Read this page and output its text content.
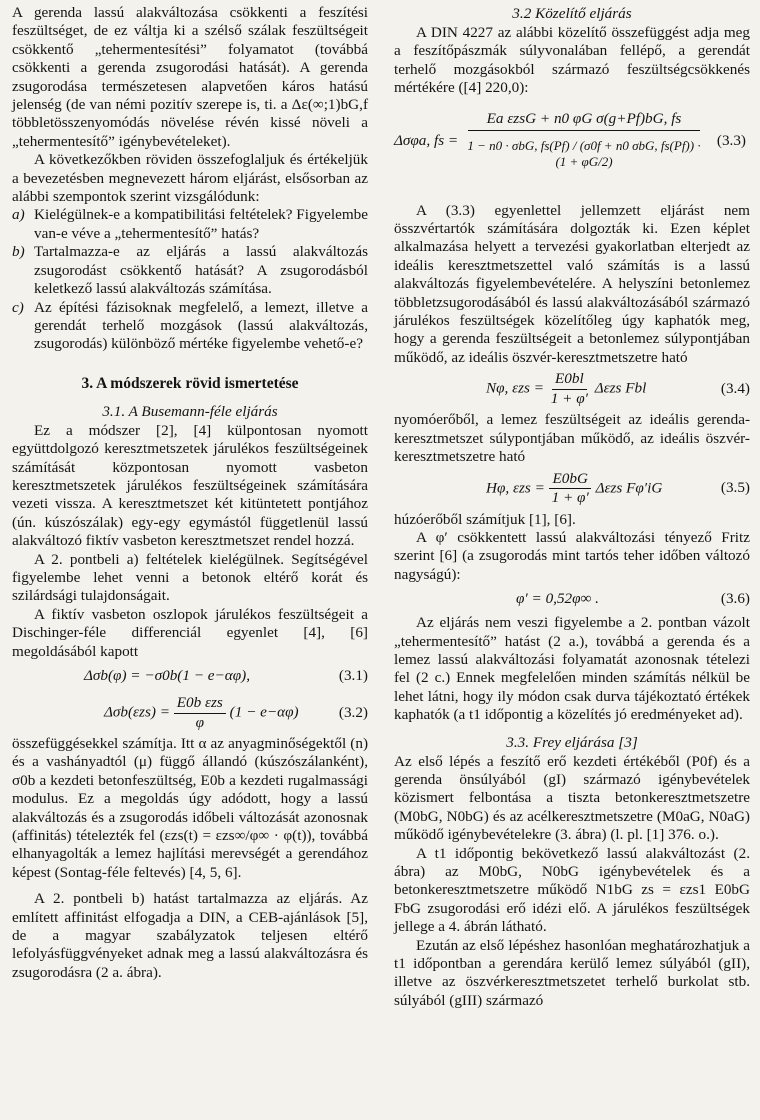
A gerenda lassú alakváltozása csökkenti a feszítési feszültséget, de ez váltja ki a szélső szálak feszültségeit csökkentő „tehermentesítési” folyamatot (továbbá csökkenti a gerenda zsugorodási hatását). A gerenda zsugorodása természetesen alapvetően káros hatású jelenség (de van némi pozitív szerepe is, ti. a Δε(∞;1)bG,f többletösszenyomódás növelése révén kissé növeli a „tehermentesítő” igénybevételeket).

A következőkben röviden összefoglaljuk és értékeljük a bevezetésben megnevezett három eljárást, elsősorban az alábbi szempontok szerint vizsgálódunk:

a) Kielégülnek-e a kompatibilitási feltételek? Figyelembe van-e véve a „tehermentesítő” hatás?
b) Tartalmazza-e az eljárás a lassú alakváltozás zsugorodást csökkentő hatását? A zsugorodásból keletkező lassú alakváltozás számítása.
c) Az építési fázisoknak megfelelő, a lemezt, illetve a gerendát terhelő mozgások (lassú alakváltozás, zsugorodás) különböző mértéke figyelembe vehető-e?
3. A módszerek rövid ismertetése
3.1. A Busemann-féle eljárás

Ez a módszer [2], [4] külpontosan nyomott együttdolgozó keresztmetszetek járulékos feszültségeinek számítását központosan nyomott vasbeton keresztmetszetek járulékos feszültségeinek számítására vezeti vissza. A keresztmetszet két kitüntetett pontjához (ún. kúszószálak) egy-egy egymástól függetlenül lassú alakváltozó fiktív vasbeton keresztmetszet rendel hozzá.

A 2. pontbeli a) feltételek kielégülnek. Segítségével figyelembe lehet venni a betonok eltérő korát és szilárdsági tulajdonságait.

A fiktív vasbeton oszlopok járulékos feszültségeit a Dischinger-féle differenciál egyenlet [4], [6] megoldásából kapott

Δσb(φ) = −σ0b(1 − e−αφ),	(3.1)
$\Delta\sigma b(\varepsilon zs) = \frac{\text{E0b εzs}}{\varphi} (1 - e-\alpha\varphi)$	(3.2)

összefüggésekkel számítja. Itt α az anyagminőségektől (n) és a vashányadtól (μ) függő állandó (kúszószálanként), σ0b a kezdeti betonfeszültség, E0b a kezdeti rugalmassági modulus. Ez a megoldás úgy adódott, hogy a lassú alakváltozás és a zsugorodás időbeli változását azonosnak (affinitás) tételezték fel (εzs(t) = εzs∞/φ∞ · φ(t)), továbbá elhanyagolták a lemez hajlítási merevségét a gerendához képest (Sontag-féle feltevés) [4, 5, 6].

A 2. pontbeli b) hatást tartalmazza az eljárás. Az említett affinitást elfogadja a DIN, a CEB-ajánlások [5], de a magyar szabályzatok teljesen eltérő lefolyásfüggvényeket adnak meg a lassú alakváltozásra és zsugorodásra (2 a. ábra).

3.2 Közelítő eljárás

A DIN 4227 az alábbi közelítő összefüggést adja meg a feszítőpászmák súlyvonalában fellépő, a gerendát terhelő mozgásokból származó feszültségcsökkenés mértékére ([4] 220,0):

Δσφa, fs =
Ea εzsG + n0 φG σ(g+Pf)bG, fs
1 − n0 · σbG, fs(Pf) / (σ0f + n0 σbG, fs(Pf)) · (1 + φG/2)
(3.3)

A (3.3) egyenlettel jellemzett eljárást nem összvértartók számítására dolgozták ki. Ezen képlet alkalmazása helyett a tervezési gyakorlatban elterjedt az ideális keresztmetszettel való számítás is a lassú alakváltozás figyelembevételére. A helyszíni betonlemez többletzsugorodásából és lassú alakváltozásából származó járulékos feszültségek közelítőleg úgy kaphatók meg, hogy a gerenda feszültségeit a betonlemez súlypontjában működő, az ideális öszvér-keresztmetszetre ható

Nφ, $\varepsilon zs = \frac{E0bl}{1 + \varphi'}$ Δεzs Fbl	(3.4)

nyomóerőből, a lemez feszültségeit az ideális gerenda-keresztmetszet súlypontjában működő, az ideális öszvér-keresztmetszetre ható

Hφ, $\varepsilon zs = \frac{E0bG}{1 + \varphi'}$ Δεzs Fφ′iG	(3.5)

húzóerőből számítjuk [1], [6].

A φ′ csökkentett lassú alakváltozási tényező Fritz szerint [6] (a zsugorodás mint tartós teher időben változó nagyságú):

φ′ = 0,52φ∞ .	(3.6)

Az eljárás nem veszi figyelembe a 2. pontban vázolt „tehermentesítő” hatást (2 a.), továbbá a gerenda és a lemez lassú alakváltozási folyamatát azonosnak tételezi fel (2 c.) Ennek megfelelően minden számítás nélkül be lehet látni, hogy ily módon csak durva tájékoztató értékek kaphatók (a t1 időpontig a közelítés jó eredményeket ad).

3.3. Frey eljárása [3]

Az első lépés a feszítő erő kezdeti értékéből (P0f) és a gerenda önsúlyából (gI) származó igénybevételek közismert felbontása a tiszta betonkeresztmetszetre (M0bG, N0bG) és az acélkeresztmetszetre (M0aG, N0aG) működő igénybevételekre (3. ábra) (l. pl. [1] 376. o.).

A t1 időpontig bekövetkező lassú alakváltozást (2. ábra) az M0bG, N0bG igénybevételek és a betonkeresztmetszetre működő N1bG zs = εzs1 E0bG FbG zsugorodási erő idézi elő. A járulékos feszültségek jellege a 4. ábrán látható.

Ezután az első lépéshez hasonlóan meghatározhatjuk a t1 időpontban a gerendára kerülő lemez súlyából (gII), illetve az öszvérkeresztmetszetet terhelő burkolat stb. súlyából (gIII) származó
